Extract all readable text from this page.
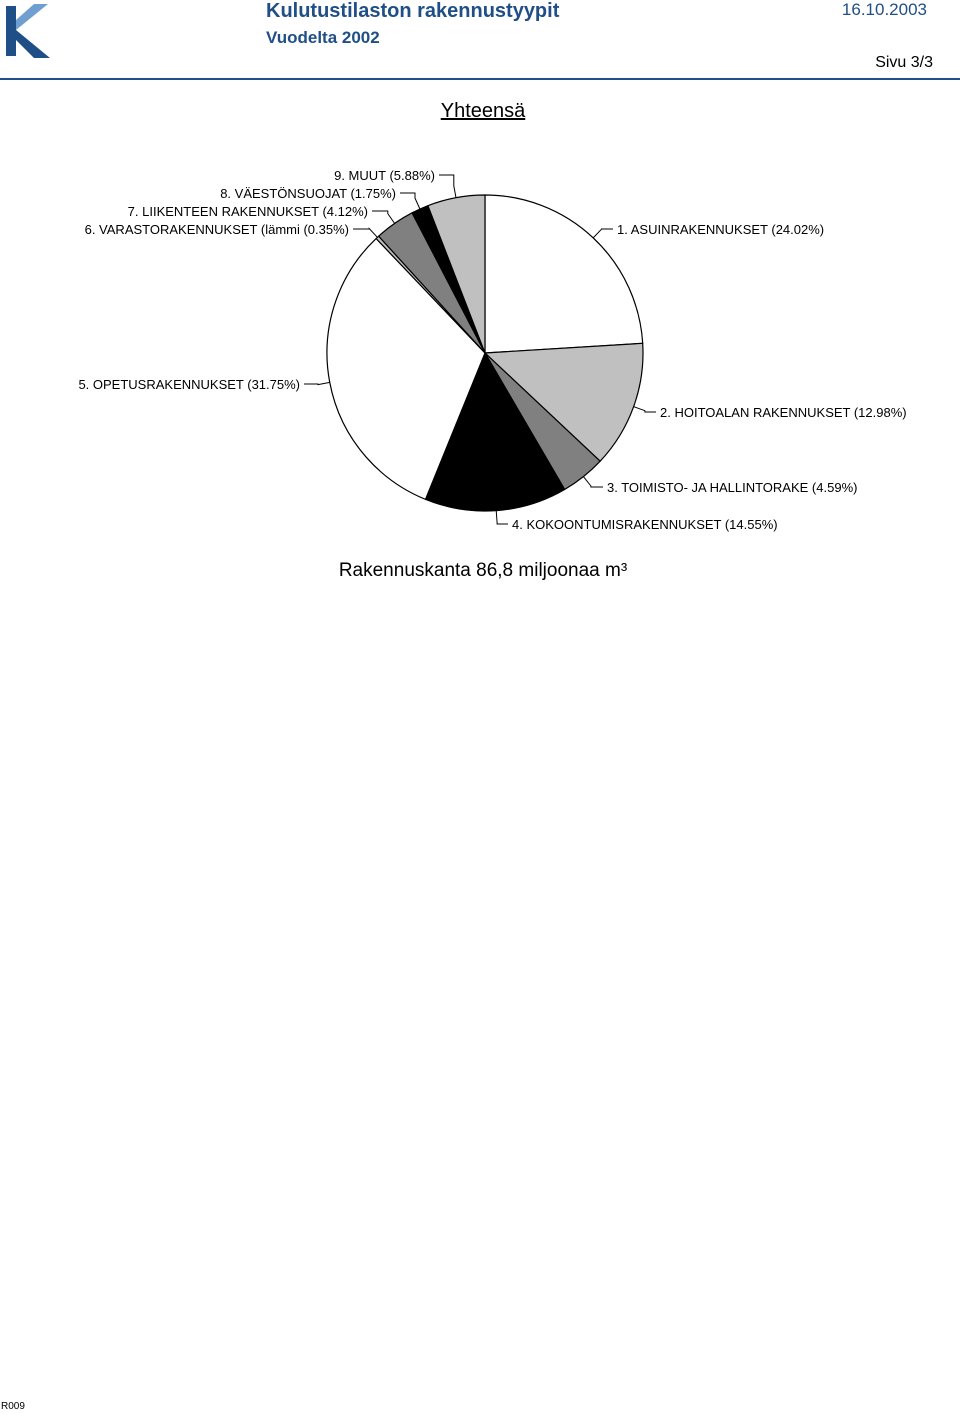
Kulutustilaston rakennustyypit
Vuodelta 2002
16.10.2003
Sivu 3/3
Yhteensä
1. ASUINRAKENNUKSET (24.02%)
2. HOITOALAN RAKENNUKSET (12.98%)
3. TOIMISTO- JA HALLINTORAKE (4.59%)
4. KOKOONTUMISRAKENNUKSET (14.55%)
5. OPETUSRAKENNUKSET (31.75%)
6. VARASTORAKENNUKSET (lämmi (0.35%)
7. LIIKENTEEN RAKENNUKSET (4.12%)
8. VÄESTÖNSUOJAT (1.75%)
9. MUUT (5.88%)
Rakennuskanta 86,8 miljoonaa m³
R009
